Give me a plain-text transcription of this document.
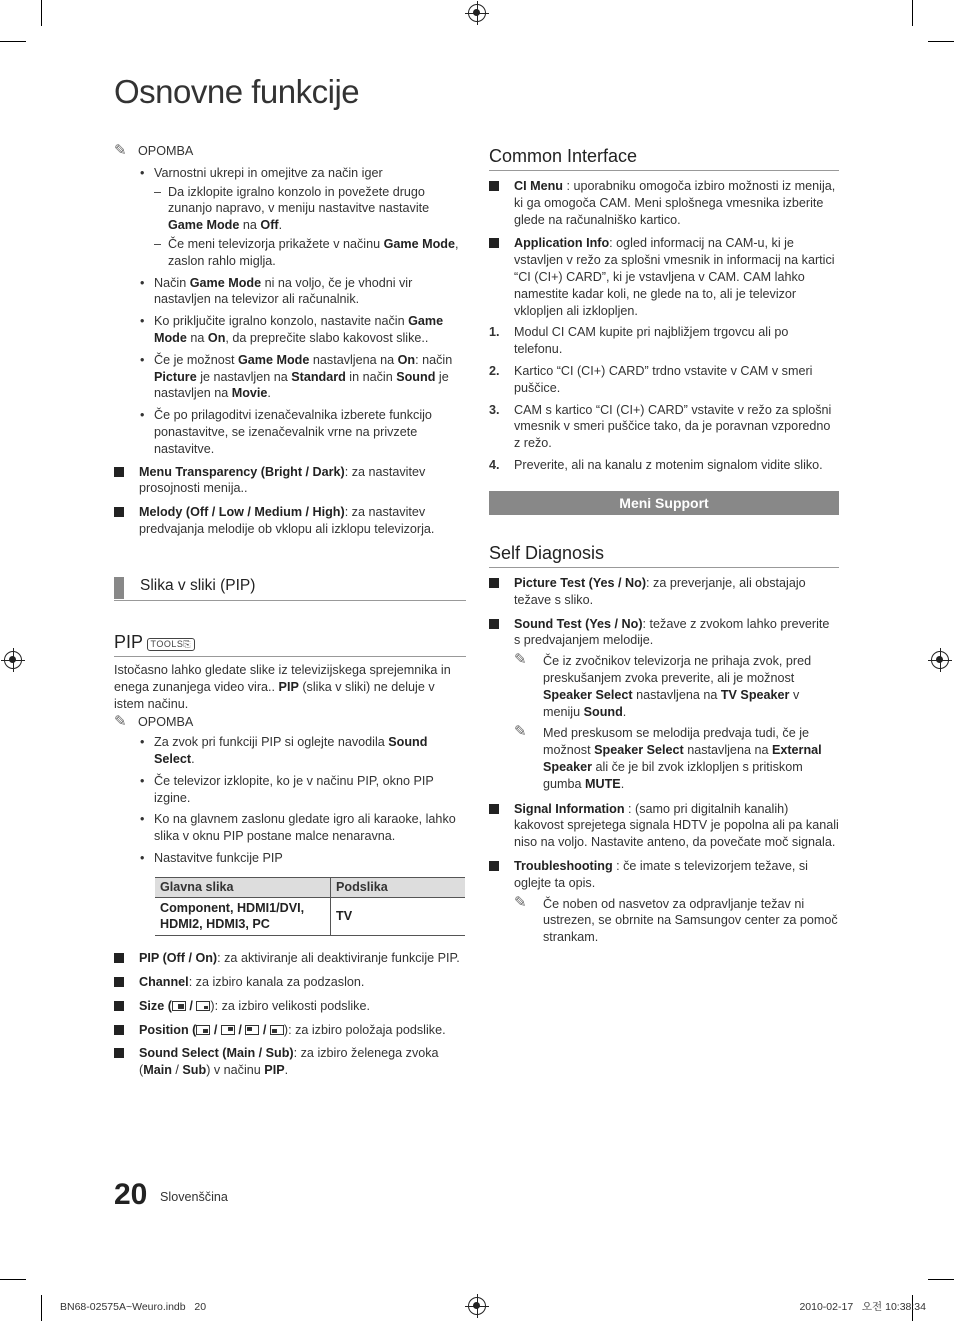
Osnovne funkcije
✎ OPOMBA

• Varnostni ukrepi in omejitve za način iger

– Da izklopite igralno konzolo in povežete drugo zunanjo napravo, v meniju nastavitve nastavite Game Mode na Off.

– Če meni televizorja prikažete v načinu Game Mode, zaslon rahlo miglja.

• Način Game Mode ni na voljo, če je vhodni vir nastavljen na televizor ali računalnik.

• Ko priključite igralno konzolo, nastavite način Game Mode na On, da preprečite slabo kakovost slike..

• Če je možnost Game Mode nastavljena na On: način Picture je nastavljen na Standard in način Sound je nastavljen na Movie.

• Če po prilagoditvi izenačevalnika izberete funkcijo ponastavitve, se izenačevalnik vrne na privzete nastavitve.

Menu Transparency (Bright / Dark): za nastavitev prosojnosti menija..

Melody (Off / Low / Medium / High): za nastavitev predvajanja melodije ob vklopu ali izklopu televizorja.

Slika v sliki (PIP)
PIP TOOLS⎘

Istočasno lahko gledate slike iz televizijskega sprejemnika in enega zunanjega video vira.. PIP (slika v sliki) ne deluje v istem načinu.

✎ OPOMBA

• Za zvok pri funkciji PIP si oglejte navodila Sound Select.

• Če televizor izklopite, ko je v načinu PIP, okno PIP izgine.

• Ko na glavnem zaslonu gledate igro ali karaoke, lahko slika v oknu PIP postane malce nenaravna.

• Nastavitve funkcije PIP

Glavna slika	Podslika
Component, HDMI1/DVI, HDMI2, HDMI3, PC	TV

PIP (Off / On): za aktiviranje ali deaktiviranje funkcije PIP.

Channel: za izbiro kanala za podzaslon.

Size (
/
): za izbiro velikosti podslike.

Position (
/
/
/
): za izbiro položaja podslike.

Sound Select (Main / Sub): za izbiro želenega zvoka (Main / Sub) v načinu PIP.

Common Interface

CI Menu : uporabniku omogoča izbiro možnosti iz menija, ki ga omogoča CAM. Meni splošnega vmesnika izberite glede na računalniško kartico.

Application Info: ogled informacij na CAM-u, ki je vstavljen v režo za splošni vmesnik in informacij na kartici “CI (CI+) CARD”, ki je vstavljena v CAM. CAM lahko namestite kadar koli, ne glede na to, ali je televizor vklopljen ali izklopljen.

1. Modul CI CAM kupite pri najbližjem trgovcu ali po telefonu.

2. Kartico “CI (CI+) CARD” trdno vstavite v CAM v smeri puščice.

3. CAM s kartico “CI (CI+) CARD” vstavite v režo za splošni vmesnik v smeri puščice tako, da je poravnan vzporedno z režo.

4. Preverite, ali na kanalu z motenim signalom vidite sliko.

Meni Support
Self Diagnosis

Picture Test (Yes / No): za preverjanje, ali obstajajo težave s sliko.

Sound Test (Yes / No): težave z zvokom lahko preverite s predvajanjem melodije.

✎	Če iz zvočnikov televizorja ne prihaja zvok, pred preskušanjem zvoka preverite, ali je možnost Speaker Select nastavljena na TV Speaker v meniju Sound.

✎	Med preskusom se melodija predvaja tudi, če je možnost Speaker Select nastavljena na External Speaker ali če je bil zvok izklopljen s pritiskom gumba MUTE.

Signal Information : (samo pri digitalnih kanalih) kakovost sprejetega signala HDTV je popolna ali pa kanali niso na voljo. Nastavite anteno, da povečate moč signala.

Troubleshooting : če imate s televizorjem težave, si oglejte ta opis.

✎	Če noben od nasvetov za odpravljanje težav ni ustrezen, se obrnite na Samsungov center za pomoč strankam.

20 Slovenščina
BN68-02575A~Weuro.indb   20	2010-02-17   오전 10:38:34
